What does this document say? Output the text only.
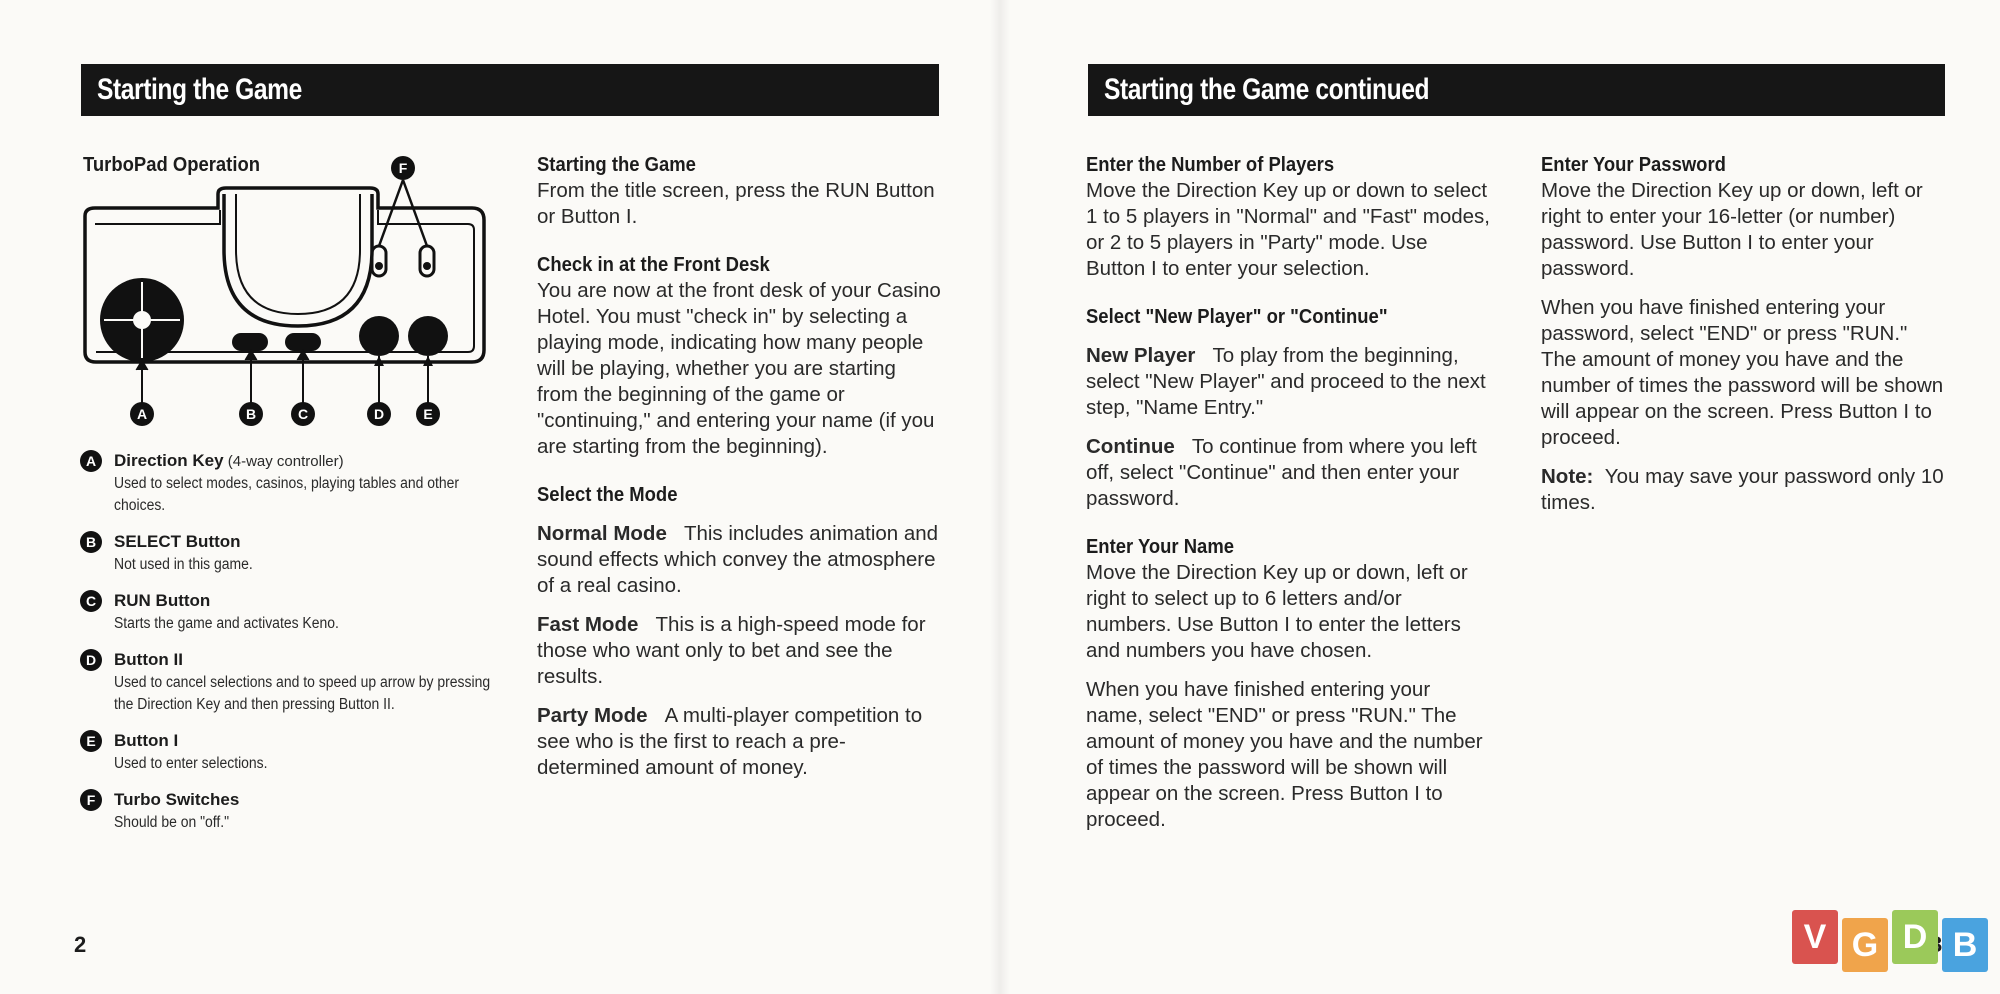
Starting the Game
TurboPad Operation	F
A	B	C	D	E
A	Direction Key (4-way controller)
Used to select modes, casinos, playing tables and other choices.
B	SELECT Button
Not used in this game.
C	RUN Button
Starts the game and activates Keno.
D	Button II
Used to cancel selections and to speed up arrow by pressing the Direction Key and then pressing Button II.
E	Button I
Used to enter selections.
F	Turbo Switches
Should be on "off."
Starting the Game

From the title screen, press the RUN Button or Button I.

Check in at the Front Desk

You are now at the front desk of your Casino Hotel. You must "check in" by selecting a playing mode, indicating how many people will be playing, whether you are starting from the beginning of the game or "continuing," and entering your name (if you are starting from the beginning).

Select the Mode

Normal Mode This includes animation and sound effects which convey the atmosphere of a real casino.

Fast Mode This is a high-speed mode for those who want only to bet and see the results.

Party Mode A multi-player competition to see who is the first to reach a pre-determined amount of money.

2
Starting the Game continued
Enter the Number of Players

Move the Direction Key up or down to select 1 to 5 players in "Normal" and "Fast" modes, or 2 to 5 players in "Party" mode. Use Button I to enter your selection.

Select "New Player" or "Continue"

New Player To play from the beginning, select "New Player" and proceed to the next step, "Name Entry."

Continue To continue from where you left off, select "Continue" and then enter your password.

Enter Your Name

Move the Direction Key up or down, left or right to select up to 6 letters and/or numbers. Use Button I to enter the letters and numbers you have chosen.

When you have finished entering your name, select "END" or press "RUN." The amount of money you have and the number of times the password will be shown will appear on the screen. Press Button I to proceed.

Enter Your Password

Move the Direction Key up or down, left or right to enter your 16-letter (or number) password. Use Button I to enter your password.

When you have finished entering your password, select "END" or press "RUN." The amount of money you have and the number of times the password will be shown will appear on the screen. Press Button I to proceed.

Note: You may save your password only 10 times.

V G D B
